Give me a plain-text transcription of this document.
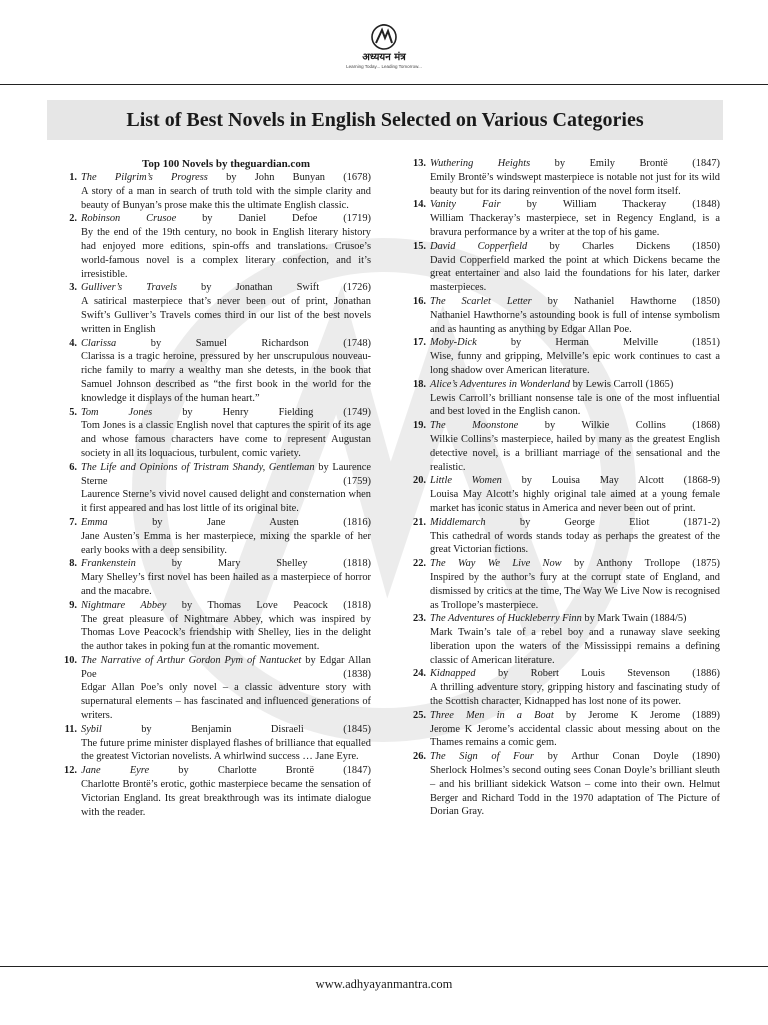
अध्ययन मंत्र
Learning Today... Leading Tomorrow...
List of Best Novels in English Selected on Various Categories
Top 100 Novels by theguardian.com
1. The Pilgrim’s Progress by John Bunyan (1678)
A story of a man in search of truth told with the simple clarity and beauty of Bunyan’s prose make this the ultimate English classic.
2. Robinson Crusoe by Daniel Defoe (1719)
By the end of the 19th century, no book in English literary history had enjoyed more editions, spin-offs and translations. Crusoe’s world-famous novel is a complex literary confection, and it’s irresistible.
3. Gulliver’s Travels by Jonathan Swift (1726)
A satirical masterpiece that’s never been out of print, Jonathan Swift’s Gulliver’s Travels comes third in our list of the best novels written in English
4. Clarissa	by Samuel Richardson (1748)
Clarissa is a tragic heroine, pressured by her unscrupulous nouveau-riche family to marry a wealthy man she detests, in the book that Samuel Johnson described as “the first book in the world for the knowledge it displays of the human heart.”
5. Tom Jones	by Henry Fielding (1749)
Tom Jones is a classic English novel that captures the spirit of its age and whose famous characters have come to represent Augustan society in all its loquacious, turbulent, comic variety.
6. The Life and Opinions of Tristram Shandy, Gentleman by Laurence Sterne (1759)
Laurence Sterne’s vivid novel caused delight and consternation when it first appeared and has lost little of its original bite.
7. Emma	by Jane Austen (1816)
Jane Austen’s Emma is her masterpiece, mixing the sparkle of her early books with a deep sensibility.
8. Frankenstein	by Mary Shelley (1818)
Mary Shelley’s first novel has been hailed as a masterpiece of horror and the macabre.
9. Nightmare Abbey by Thomas Love Peacock (1818)
The great pleasure of Nightmare Abbey, which was inspired by Thomas Love Peacock’s friendship with Shelley, lies in the delight the author takes in poking fun at the romantic movement.
10. The Narrative of Arthur Gordon Pym of Nantucket by Edgar Allan Poe (1838)
Edgar Allan Poe’s only novel – a classic adventure story with supernatural elements – has fascinated and influenced generations of writers.
11. Sybil	by Benjamin Disraeli (1845)
The future prime minister displayed flashes of brilliance that equalled the greatest Victorian novelists. A whirlwind success … Jane Eyre.
12. Jane Eyre	by Charlotte Brontë (1847)
Charlotte Brontë’s erotic, gothic masterpiece became the sensation of Victorian England. Its great breakthrough was its intimate dialogue with the reader.
13. Wuthering Heights by Emily Brontë (1847)
Emily Brontë’s windswept masterpiece is notable not just for its wild beauty but for its daring reinvention of the novel form itself.
14. Vanity Fair	by William Thackeray (1848)
William Thackeray’s masterpiece, set in Regency England, is a bravura performance by a writer at the top of his game.
15. David Copperfield by Charles Dickens (1850)
David Copperfield marked the point at which Dickens became the great entertainer and also laid the foundations for his later, darker masterpieces.
16. The Scarlet Letter by Nathaniel Hawthorne (1850)
Nathaniel Hawthorne’s astounding book is full of intense symbolism and as haunting as anything by Edgar Allan Poe.
17. Moby-Dick	by Herman Melville (1851)
Wise, funny and gripping, Melville’s epic work continues to cast a long shadow over American literature.
18. Alice’s Adventures in Wonderland by Lewis Carroll (1865)
Lewis Carroll’s brilliant nonsense tale is one of the most influential and best loved in the English canon.
19. The Moonstone	by Wilkie Collins (1868)
Wilkie Collins’s masterpiece, hailed by many as the greatest English detective novel, is a brilliant marriage of the sensational and the realistic.
20. Little Women by Louisa May Alcott (1868-9)
Louisa May Alcott’s highly original tale aimed at a young female market has iconic status in America and never been out of print.
21. Middlemarch	by George Eliot (1871-2)
This cathedral of words stands today as perhaps the greatest of the great Victorian fictions.
22. The Way We Live Now by Anthony Trollope (1875)
Inspired by the author’s fury at the corrupt state of England, and dismissed by critics at the time, The Way We Live Now is recognised as Trollope’s masterpiece.
23. The Adventures of Huckleberry Finn by Mark Twain (1884/5)
Mark Twain’s tale of a rebel boy and a runaway slave seeking liberation upon the waters of the Mississippi remains a defining classic of American literature.
24. Kidnapped by Robert Louis Stevenson (1886)
A thrilling adventure story, gripping history and fascinating study of the Scottish character, Kidnapped has lost none of its power.
25. Three Men in a Boat by Jerome K Jerome (1889)
Jerome K Jerome’s accidental classic about messing about on the Thames remains a comic gem.
26. The Sign of Four by Arthur Conan Doyle (1890)
Sherlock Holmes’s second outing sees Conan Doyle’s brilliant sleuth – and his brilliant sidekick Watson – come into their own. Helmut Berger and Richard Todd in the 1970 adaptation of The Picture of Dorian Gray.
www.adhyayanmantra.com
